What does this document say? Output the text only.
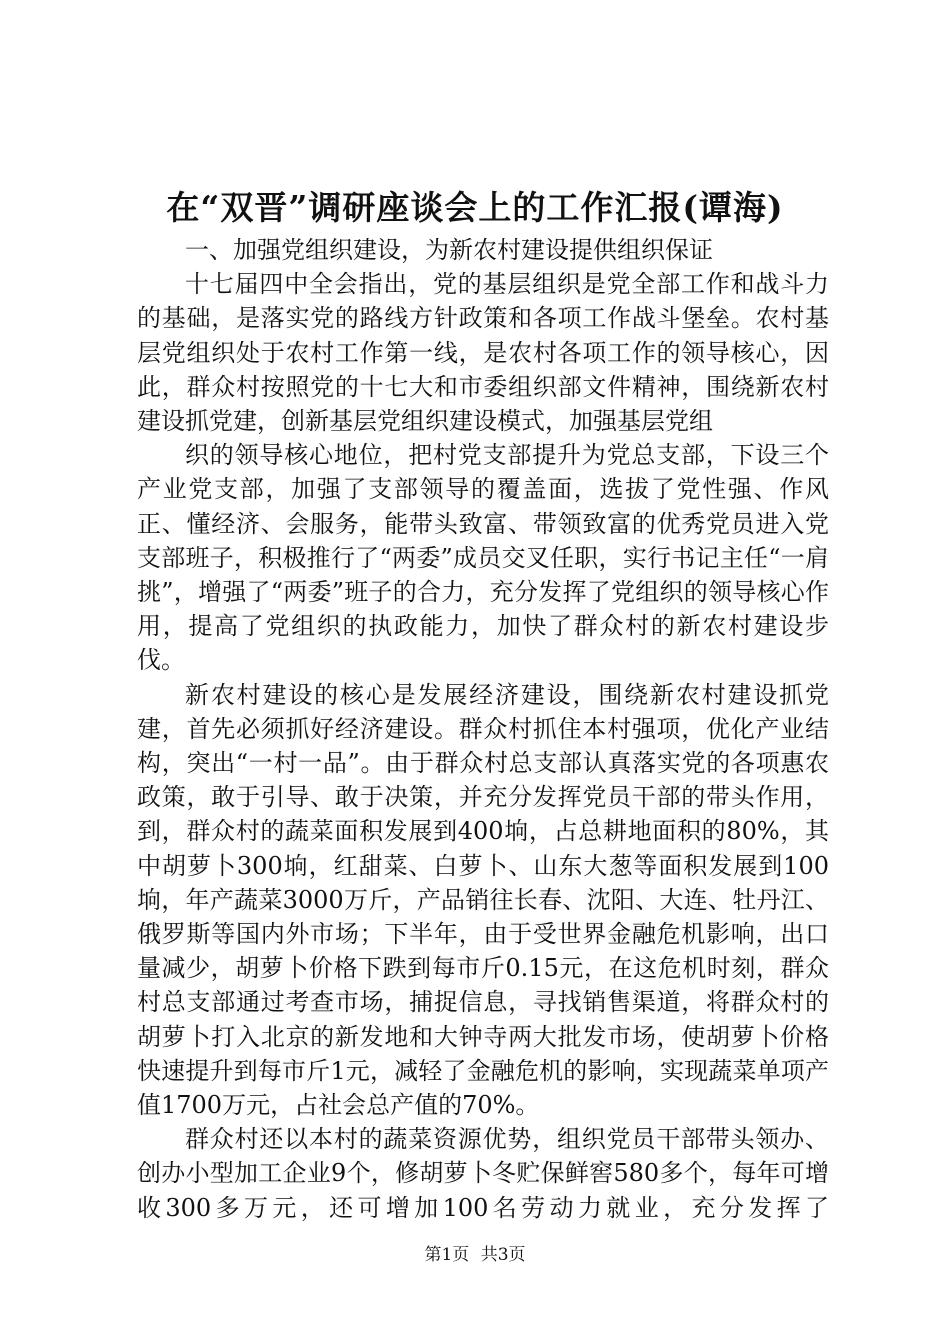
在“双晋”调研座谈会上的工作汇报(谭海)

一、加强党组织建设，为新农村建设提供组织保证

十七届四中全会指出，党的基层组织是党全部工作和战斗力的基础，是落实党的路线方针政策和各项工作战斗堡垒。农村基层党组织处于农村工作第一线，是农村各项工作的领导核心，因此，群众村按照党的十七大和市委组织部文件精神，围绕新农村建设抓党建，创新基层党组织建设模式，加强基层党组

织的领导核心地位，把村党支部提升为党总支部，下设三个产业党支部，加强了支部领导的覆盖面，选拔了党性强、作风正、懂经济、会服务，能带头致富、带领致富的优秀党员进入党支部班子，积极推行了“两委”成员交叉任职，实行书记主任“一肩挑”，增强了“两委”班子的合力，充分发挥了党组织的领导核心作用，提高了党组织的执政能力，加快了群众村的新农村建设步伐。

新农村建设的核心是发展经济建设，围绕新农村建设抓党建，首先必须抓好经济建设。群众村抓住本村强项，优化产业结构，突出“一村一品”。由于群众村总支部认真落实党的各项惠农政策，敢于引导、敢于决策，并充分发挥党员干部的带头作用，到，群众村的蔬菜面积发展到400垧，占总耕地面积的80%，其中胡萝卜300垧，红甜菜、白萝卜、山东大葱等面积发展到100垧，年产蔬菜3000万斤，产品销往长春、沈阳、大连、牡丹江、俄罗斯等国内外市场；下半年，由于受世界金融危机影响，出口量减少，胡萝卜价格下跌到每市斤0.15元，在这危机时刻，群众村总支部通过考查市场，捕捉信息，寻找销售渠道，将群众村的胡萝卜打入北京的新发地和大钟寺两大批发市场，使胡萝卜价格快速提升到每市斤1元，减轻了金融危机的影响，实现蔬菜单项产值1700万元，占社会总产值的70%。

群众村还以本村的蔬菜资源优势，组织党员干部带头领办、创办小型加工企业9个，修胡萝卜冬贮保鲜窖580多个，每年可增收300多万元，还可增加100名劳动力就业，充分发挥了

第1页 共3页
